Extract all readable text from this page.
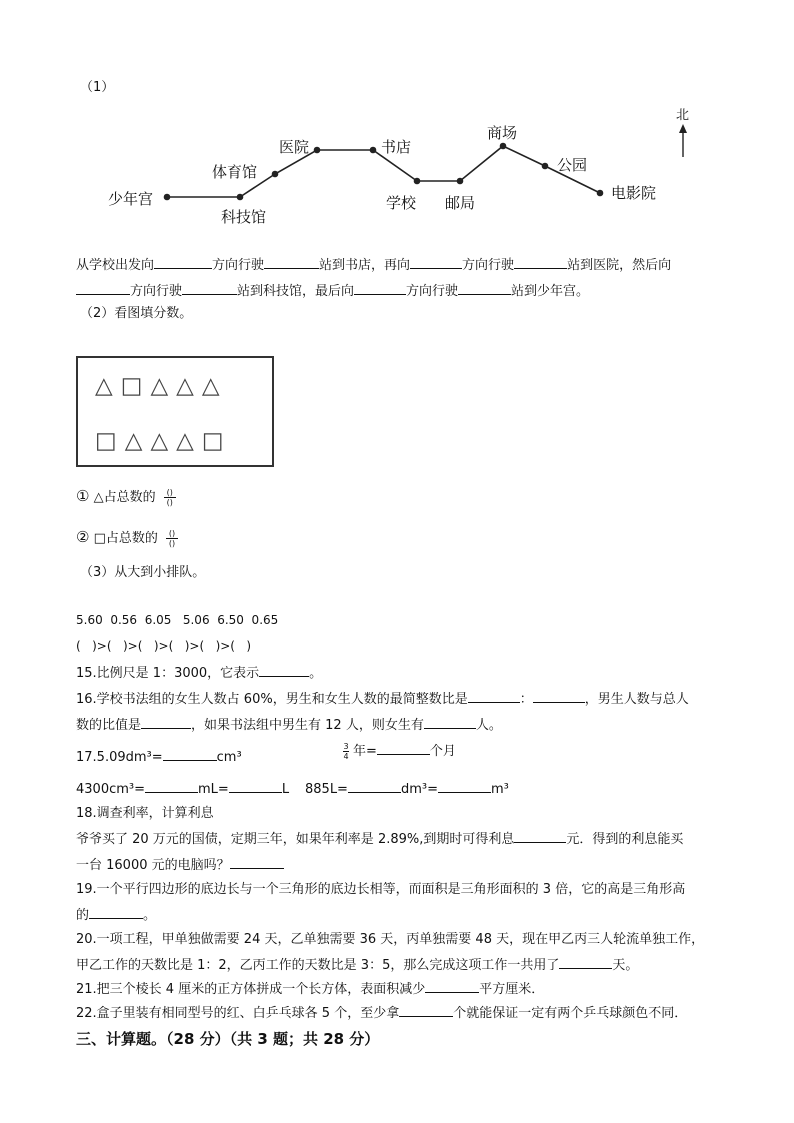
（1）
北
少年宫
科技馆
体育馆
医院	书店
学校 邮局
商场
公园
电影院
从学校出发向	方向行驶	站到书店，再向	方向行驶	站到医院，然后向
方向行驶	站到科技馆，最后向	方向行驶	站到少年宫。
（2）看图填分数。
△ □ △ △ △
□ △ △ △ □
① △占总数的 $\frac{()}{()}$
② □占总数的 $\frac{()}{()}$
（3）从大到小排队。
5.60  0.56  6.05   5.06  6.50  0.65
(   )>(   )>(   )>(   )>(   )>(   )
15.比例尺是 1：3000，它表示	。
16.学校书法组的女生人数占 60%，男生和女生人数的最简整数比是	：	，男生人数与总人
数的比值是	，如果书法组中男生有 12 人，则女生有	人。
17.5.09dm³=	cm³	$\frac{3}{4}$ 年=	个月
4300cm³=	mL=	L 885L=	dm³=	m³
18.调查利率，计算利息
爷爷买了 20 万元的国债，定期三年，如果年利率是 2.89%,到期时可得利息	元．得到的利息能买
一台 16000 元的电脑吗？
19.一个平行四边形的底边长与一个三角形的底边长相等，而面积是三角形面积的 3 倍，它的高是三角形高
的	。
20.一项工程，甲单独做需要 24 天，乙单独需要 36 天，丙单独需要 48 天，现在甲乙丙三人轮流单独工作，
甲乙工作的天数比是 1：2，乙丙工作的天数比是 3：5，那么完成这项工作一共用了	天。
21.把三个棱长 4 厘米的正方体拼成一个长方体，表面积减少	平方厘米．
22.盒子里装有相同型号的红、白乒乓球各 5 个，至少拿	个就能保证一定有两个乒乓球颜色不同．
三、计算题。（28 分）（共 3 题；共 28 分）
